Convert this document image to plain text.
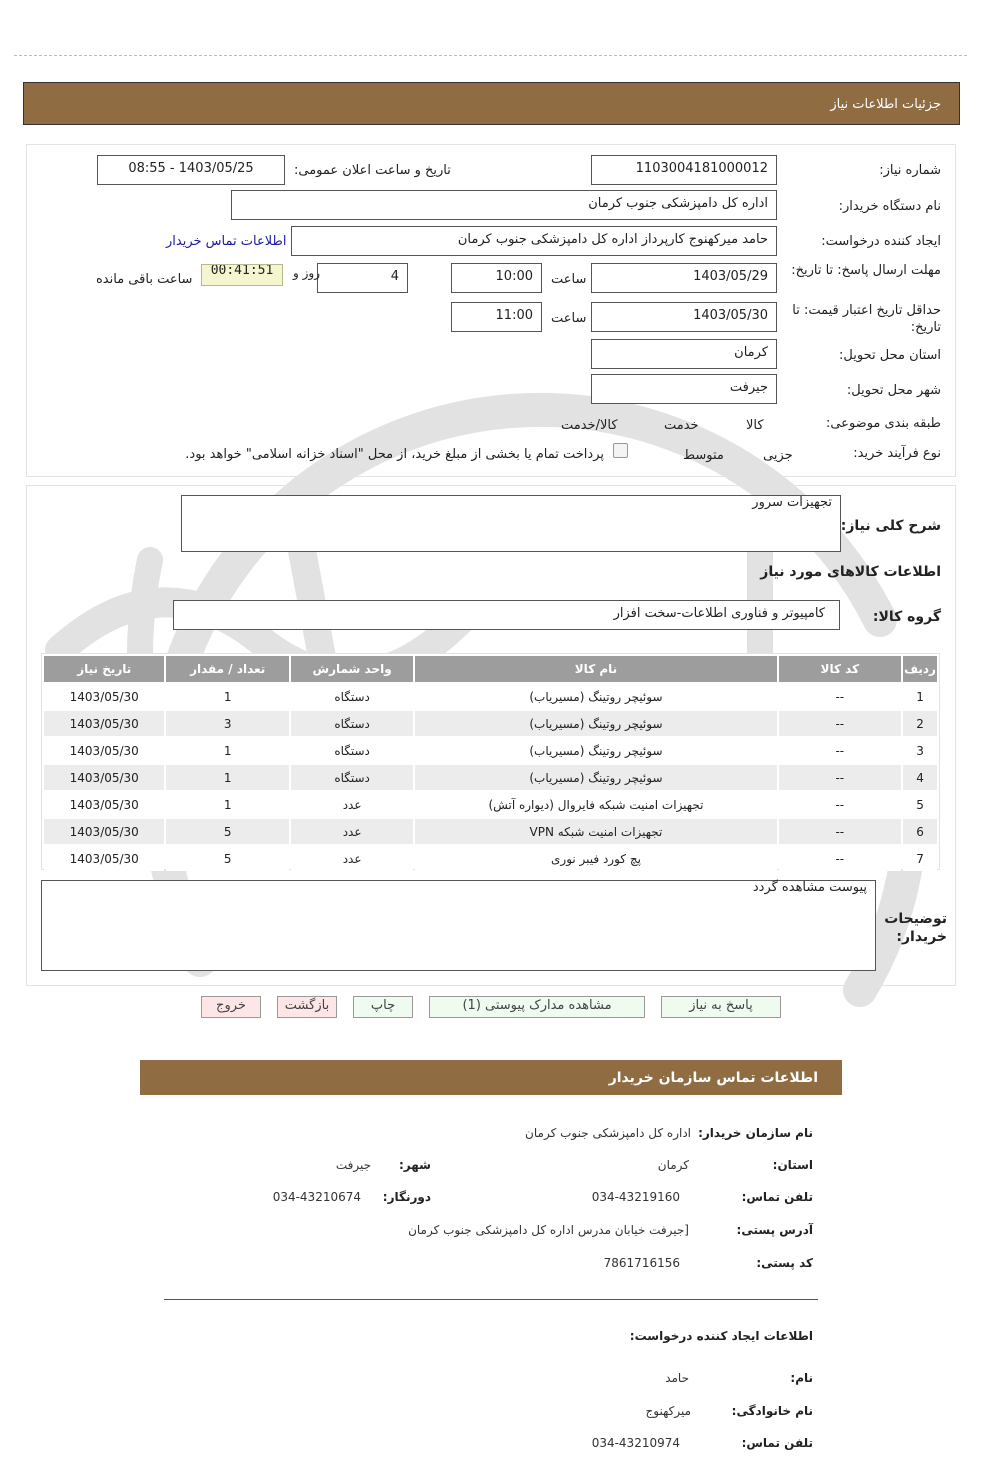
جزئیات اطلاعات نیاز
شماره نیاز:
1103004181000012
تاریخ و ساعت اعلان عمومی:
1403/05/25 - 08:55
نام دستگاه خریدار:
اداره کل دامپزشکی جنوب کرمان
ایجاد کننده درخواست:
حامد میرکهنوج کارپرداز اداره کل دامپزشکی جنوب کرمان
اطلاعات تماس خریدار
مهلت ارسال پاسخ: تا تاریخ:
1403/05/29
ساعت
10:00
4
روز و
00:41:51
ساعت باقی مانده
حداقل تاریخ اعتبار قیمت: تا تاریخ:
1403/05/30
ساعت
11:00
استان محل تحویل:
کرمان
شهر محل تحویل:
جیرفت
طبقه بندی موضوعی:

کالا

خدمت

کالا/خدمت
نوع فرآیند خرید:

جزیی
متوسط
پرداخت تمام یا بخشی از مبلغ خرید، از محل "اسناد خزانه اسلامی" خواهد بود.
شرح کلی نیاز:
تجهیزات سرور
اطلاعات کالاهای مورد نیاز
گروه کالا:
کامپیوتر و فناوری اطلاعات-سخت افزار
ردیف	کد کالا	نام کالا	واحد شمارش	تعداد / مقدار	تاریخ نیاز
1	--	سوئیچر روتینگ (مسیریاب)	دستگاه	1	1403/05/30
2	--	سوئیچر روتینگ (مسیریاب)	دستگاه	3	1403/05/30
3	--	سوئیچر روتینگ (مسیریاب)	دستگاه	1	1403/05/30
4	--	سوئیچر روتینگ (مسیریاب)	دستگاه	1	1403/05/30
5	--	تجهیزات امنیت شبکه فایروال (دیواره آتش)	عدد	1	1403/05/30
6	--	تجهیزات امنیت شبکه VPN	عدد	5	1403/05/30
7	--	پچ کورد فیبر نوری	عدد	5	1403/05/30
توضیحات خریدار:
پیوست مشاهده گردد
پاسخ به نیاز
مشاهده مدارک پیوستی (1)
چاپ
بازگشت
خروج
اطلاعات تماس سازمان خریدار
نام سازمان خریدار:
اداره کل دامپزشکی جنوب کرمان
استان:
کرمان
شهر:
جیرفت
تلفن تماس:
034-43219160
دورنگار:
034-43210674
آدرس پستی:
[جیرفت خیابان مدرس اداره کل دامپزشکی جنوب کرمان
کد پستی:
7861716156
اطلاعات ایجاد کننده درخواست:
نام:
حامد
نام خانوادگی:
میرکهنوج
تلفن تماس:
034-43210974
